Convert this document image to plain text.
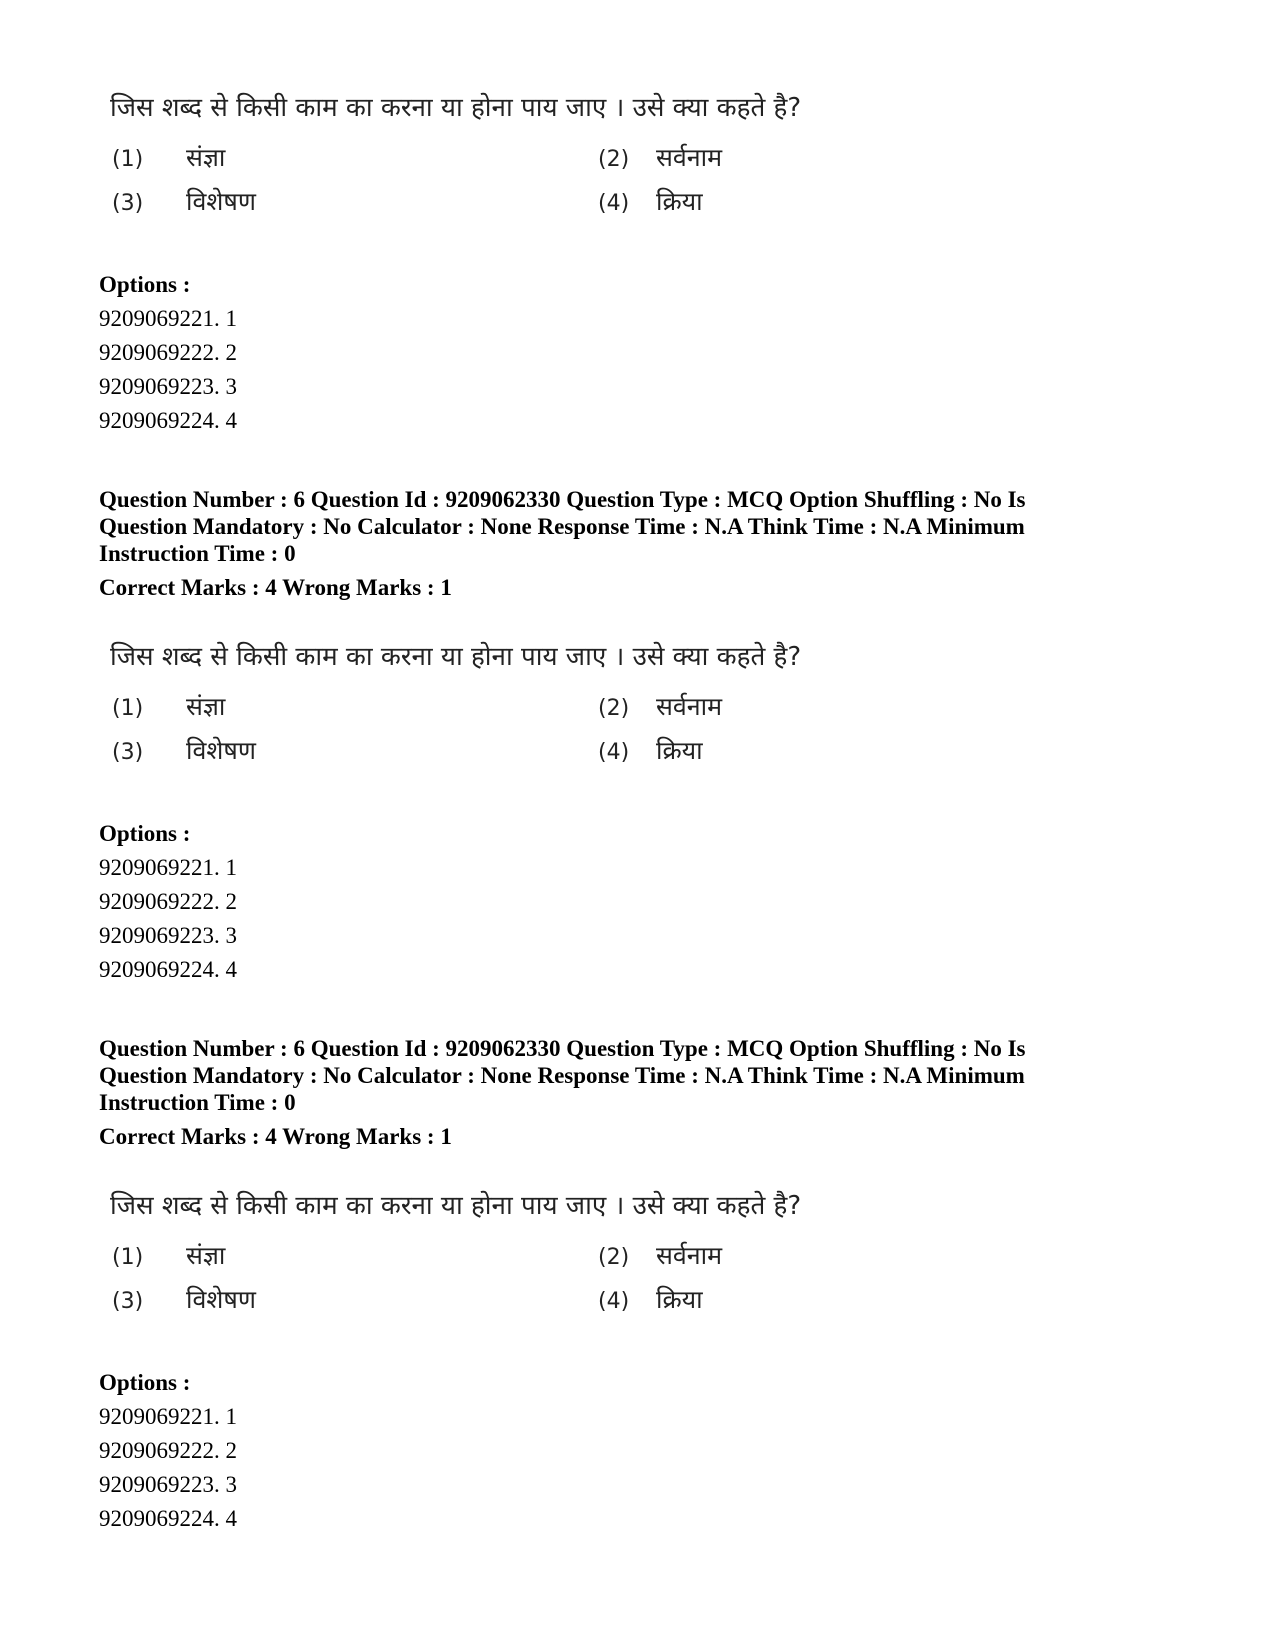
जिस शब्द से किसी काम का करना या होना पाय जाए । उसे क्या कहते है?
(1) संज्ञा	(2) सर्वनाम
(3) विशेषण	(4) क्रिया
Options :
9209069221. 1
9209069222. 2
9209069223. 3
9209069224. 4
Question Number : 6 Question Id : 9209062330 Question Type : MCQ Option Shuffling : No Is Question Mandatory : No Calculator : None Response Time : N.A Think Time : N.A Minimum Instruction Time : 0
Correct Marks : 4 Wrong Marks : 1
जिस शब्द से किसी काम का करना या होना पाय जाए । उसे क्या कहते है?
(1) संज्ञा	(2) सर्वनाम
(3) विशेषण	(4) क्रिया
Options :
9209069221. 1
9209069222. 2
9209069223. 3
9209069224. 4
Question Number : 6 Question Id : 9209062330 Question Type : MCQ Option Shuffling : No Is Question Mandatory : No Calculator : None Response Time : N.A Think Time : N.A Minimum Instruction Time : 0
Correct Marks : 4 Wrong Marks : 1
जिस शब्द से किसी काम का करना या होना पाय जाए । उसे क्या कहते है?
(1) संज्ञा	(2) सर्वनाम
(3) विशेषण	(4) क्रिया
Options :
9209069221. 1
9209069222. 2
9209069223. 3
9209069224. 4
